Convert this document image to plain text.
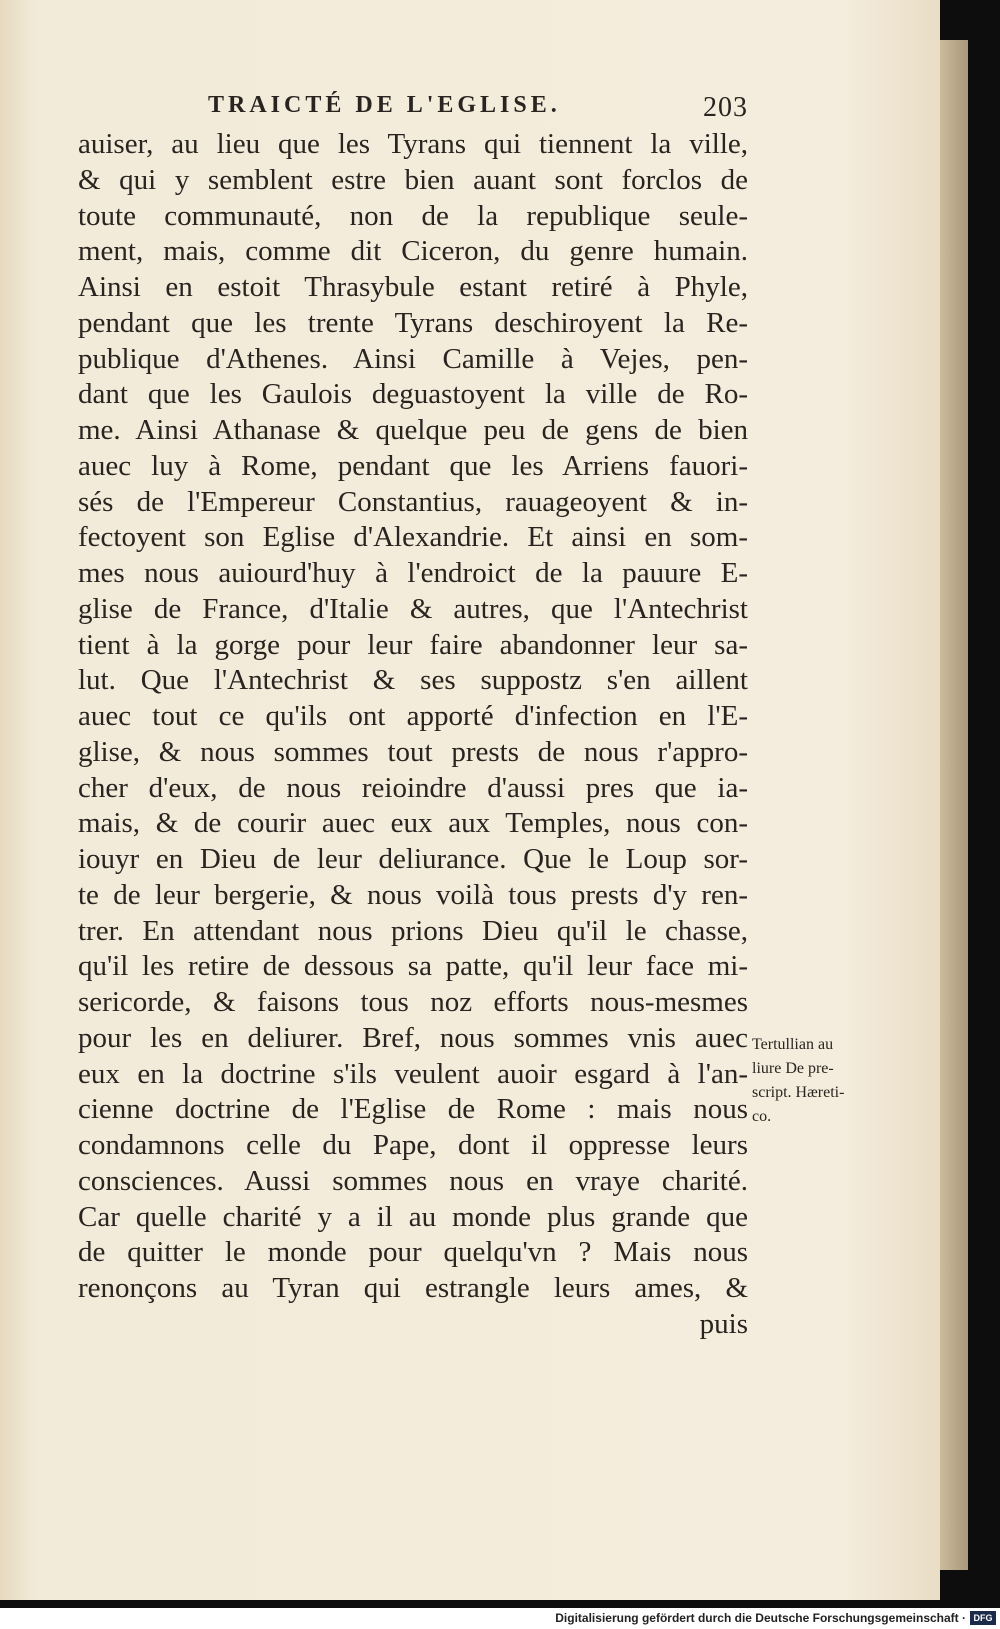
TRAICTÉ DE L'EGLISE.	203
auiser, au lieu que les Tyrans qui tiennent la ville,
& qui y semblent estre bien auant sont forclos de
toute communauté, non de la republique seule-
ment, mais, comme dit Ciceron, du genre humain.
Ainsi en estoit Thrasybule estant retiré à Phyle,
pendant que les trente Tyrans deschiroyent la Re-
publique d'Athenes. Ainsi Camille à Vejes, pen-
dant que les Gaulois deguastoyent la ville de Ro-
me. Ainsi Athanase & quelque peu de gens de bien
auec luy à Rome, pendant que les Arriens fauori-
sés de l'Empereur Constantius, rauageoyent & in-
fectoyent son Eglise d'Alexandrie. Et ainsi en som-
mes nous auiourd'huy à l'endroict de la pauure E-
glise de France, d'Italie & autres, que l'Antechrist
tient à la gorge pour leur faire abandonner leur sa-
lut. Que l'Antechrist & ses suppostz s'en aillent
auec tout ce qu'ils ont apporté d'infection en l'E-
glise, & nous sommes tout prests de nous r'appro-
cher d'eux, de nous reioindre d'aussi pres que ia-
mais, & de courir auec eux aux Temples, nous con-
iouyr en Dieu de leur deliurance. Que le Loup sor-
te de leur bergerie, & nous voilà tous prests d'y ren-
trer. En attendant nous prions Dieu qu'il le chasse,
qu'il les retire de dessous sa patte, qu'il leur face mi-
sericorde, & faisons tous noz efforts nous-mesmes
pour les en deliurer. Bref, nous sommes vnis auec
eux en la doctrine s'ils veulent auoir esgard à l'an-
cienne doctrine de l'Eglise de Rome : mais nous
condamnons celle du Pape, dont il oppresse leurs
consciences. Aussi sommes nous en vraye charité.
Car quelle charité y a il au monde plus grande que
de quitter le monde pour quelqu'vn ? Mais nous
renonçons au Tyran qui estrangle leurs ames, &
puis
Tertullian au
liure De pre-
script. Hæreti-
co.
Digitalisierung gefördert durch die Deutsche Forschungsgemeinschaft · DFG
